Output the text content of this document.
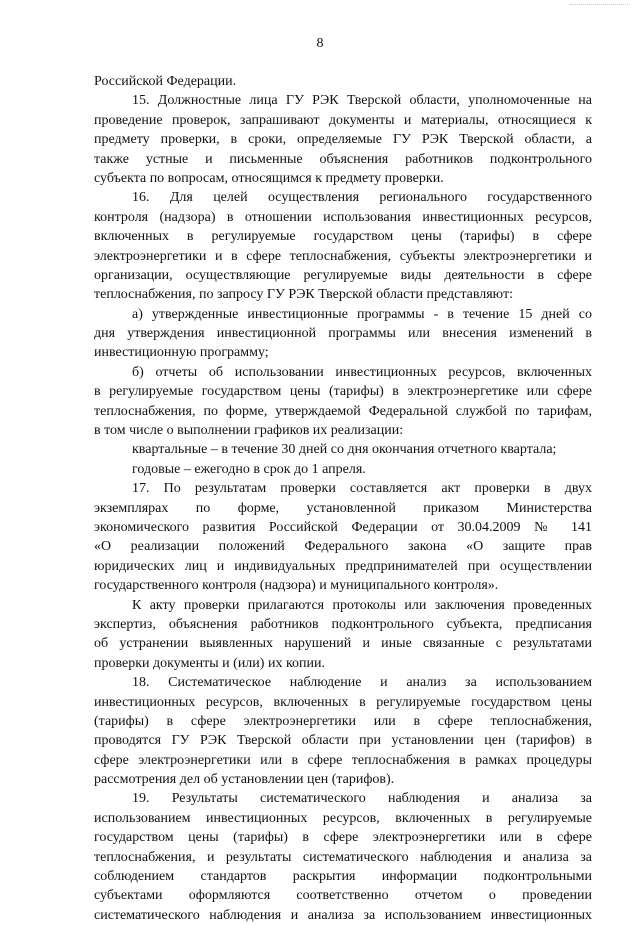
8
Российской Федерации.
15. Должностные лица ГУ РЭК Тверской области, уполномоченные на
проведение проверок, запрашивают документы и материалы, относящиеся к
предмету проверки, в сроки, определяемые ГУ РЭК Тверской области, а
также устные и письменные объяснения работников подконтрольного
субъекта по вопросам, относящимся к предмету проверки.
16. Для целей осуществления регионального государственного
контроля (надзора) в отношении использования инвестиционных ресурсов,
включенных в регулируемые государством цены (тарифы) в сфере
электроэнергетики и в сфере теплоснабжения, субъекты электроэнергетики и
организации, осуществляющие регулируемые виды деятельности в сфере
теплоснабжения, по запросу ГУ РЭК Тверской области представляют:
а) утвержденные инвестиционные программы - в течение 15 дней со
дня утверждения инвестиционной программы или внесения изменений в
инвестиционную программу;
б) отчеты об использовании инвестиционных ресурсов, включенных
в регулируемые государством цены (тарифы) в электроэнергетике или сфере
теплоснабжения, по форме, утверждаемой Федеральной службой по тарифам,
в том числе о выполнении графиков их реализации:
квартальные – в течение 30 дней со дня окончания отчетного квартала;
годовые – ежегодно в срок до 1 апреля.
17. По результатам проверки составляется акт проверки в двух
экземплярах по форме, установленной приказом Министерства
экономического развития Российской Федерации от 30.04.2009 № 141
«О реализации положений Федерального закона «О защите прав
юридических лиц и индивидуальных предпринимателей при осуществлении
государственного контроля (надзора) и муниципального контроля».
К акту проверки прилагаются протоколы или заключения проведенных
экспертиз, объяснения работников подконтрольного субъекта, предписания
об устранении выявленных нарушений и иные связанные с результатами
проверки документы и (или) их копии.
18. Систематическое наблюдение и анализ за использованием
инвестиционных ресурсов, включенных в регулируемые государством цены
(тарифы) в сфере электроэнергетики или в сфере теплоснабжения,
проводятся ГУ РЭК Тверской области при установлении цен (тарифов) в
сфере электроэнергетики или в сфере теплоснабжения в рамках процедуры
рассмотрения дел об установлении цен (тарифов).
19. Результаты систематического наблюдения и анализа за
использованием инвестиционных ресурсов, включенных в регулируемые
государством цены (тарифы) в сфере электроэнергетики или в сфере
теплоснабжения, и результаты систематического наблюдения и анализа за
соблюдением стандартов раскрытия информации подконтрольными
субъектами оформляются соответственно отчетом о проведении
систематического наблюдения и анализа за использованием инвестиционных
